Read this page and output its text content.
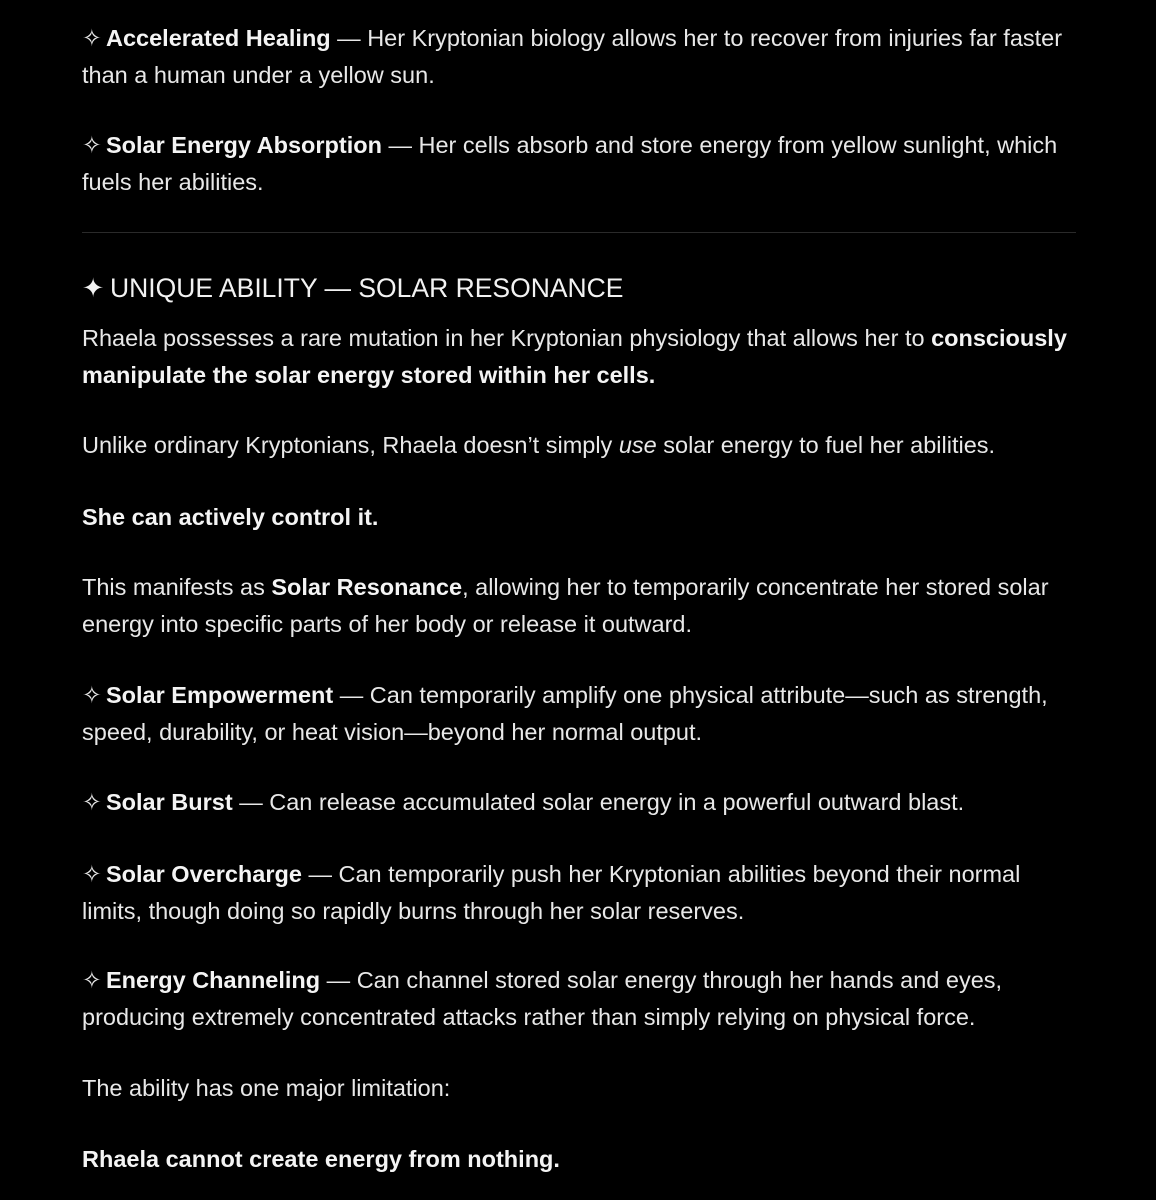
✧ Accelerated Healing — Her Kryptonian biology allows her to recover from injuries far faster than a human under a yellow sun.

✧ Solar Energy Absorption — Her cells absorb and store energy from yellow sunlight, which fuels her abilities.

✦ UNIQUE ABILITY — SOLAR RESONANCE

Rhaela possesses a rare mutation in her Kryptonian physiology that allows her to consciously manipulate the solar energy stored within her cells.

Unlike ordinary Kryptonians, Rhaela doesn’t simply use solar energy to fuel her abilities.

She can actively control it.

This manifests as Solar Resonance, allowing her to temporarily concentrate her stored solar energy into specific parts of her body or release it outward.

✧ Solar Empowerment — Can temporarily amplify one physical attribute—such as strength, speed, durability, or heat vision—beyond her normal output.

✧ Solar Burst — Can release accumulated solar energy in a powerful outward blast.

✧ Solar Overcharge — Can temporarily push her Kryptonian abilities beyond their normal limits, though doing so rapidly burns through her solar reserves.

✧ Energy Channeling — Can channel stored solar energy through her hands and eyes, producing extremely concentrated attacks rather than simply relying on physical force.

The ability has one major limitation:

Rhaela cannot create energy from nothing.
